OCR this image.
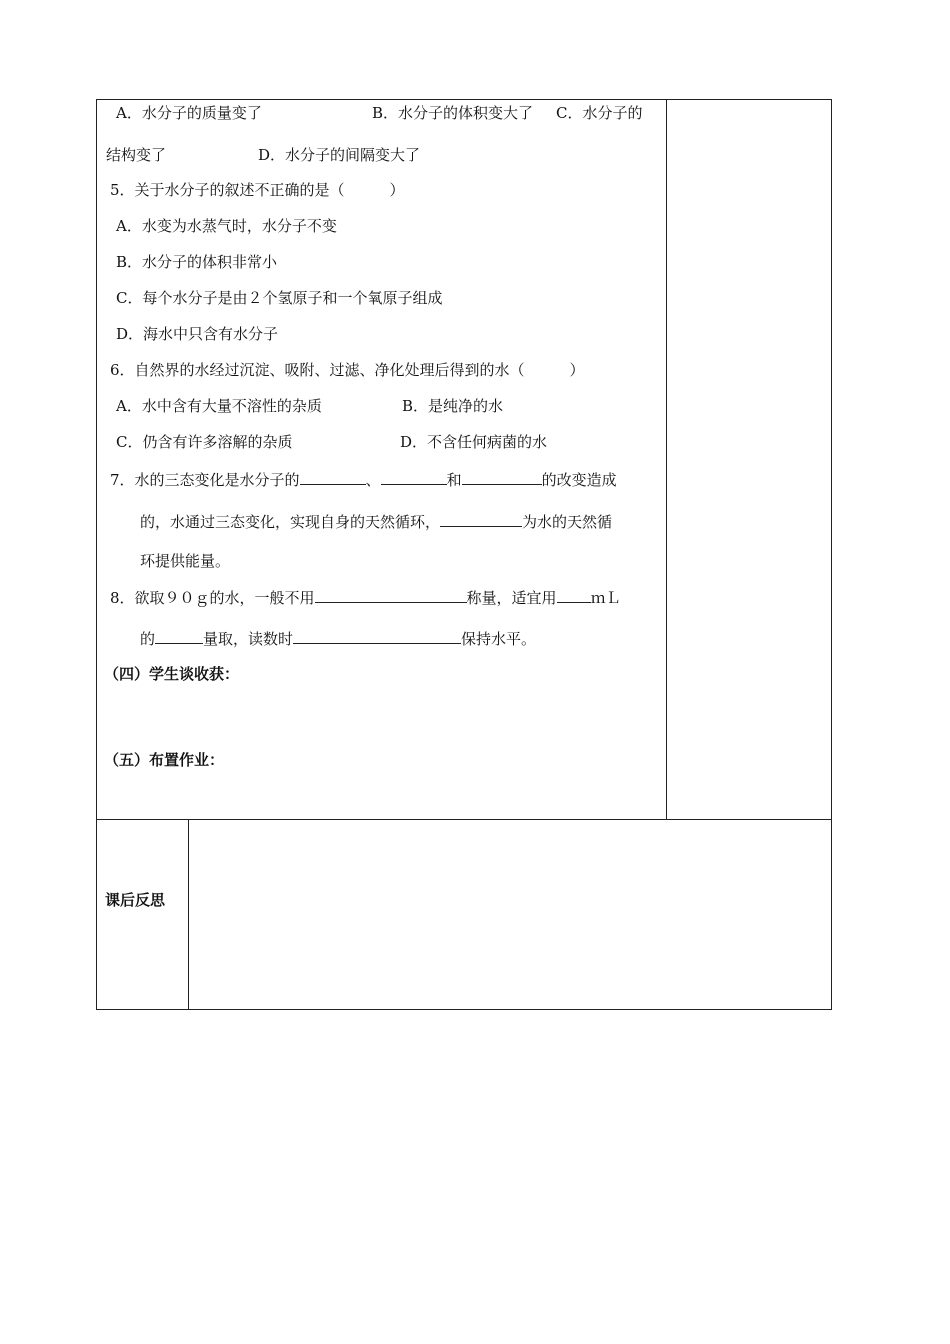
A．水分子的质量变了	B．水分子的体积变大了 C．水分子的
结构变了	D．水分子的间隔变大了
5．关于水分子的叙述不正确的是（　　　）
A．水变为水蒸气时，水分子不变
B．水分子的体积非常小
C．每个水分子是由２个氢原子和一个氧原子组成
D．海水中只含有水分子
6．自然界的水经过沉淀、吸附、过滤、净化处理后得到的水（　　　）
A．水中含有大量不溶性的杂质	B．是纯净的水
C．仍含有许多溶解的杂质	D．不含任何病菌的水
7．水的三态变化是水分子的	、	和	的改变造成
的，水通过三态变化，实现自身的天然循环，	为水的天然循
环提供能量。
8．欲取９０ｇ的水，一般不用	称量，适宜用 ｍＬ
的	量取，读数时	保持水平。
（四）学生谈收获：
（五）布置作业：
课后反思
